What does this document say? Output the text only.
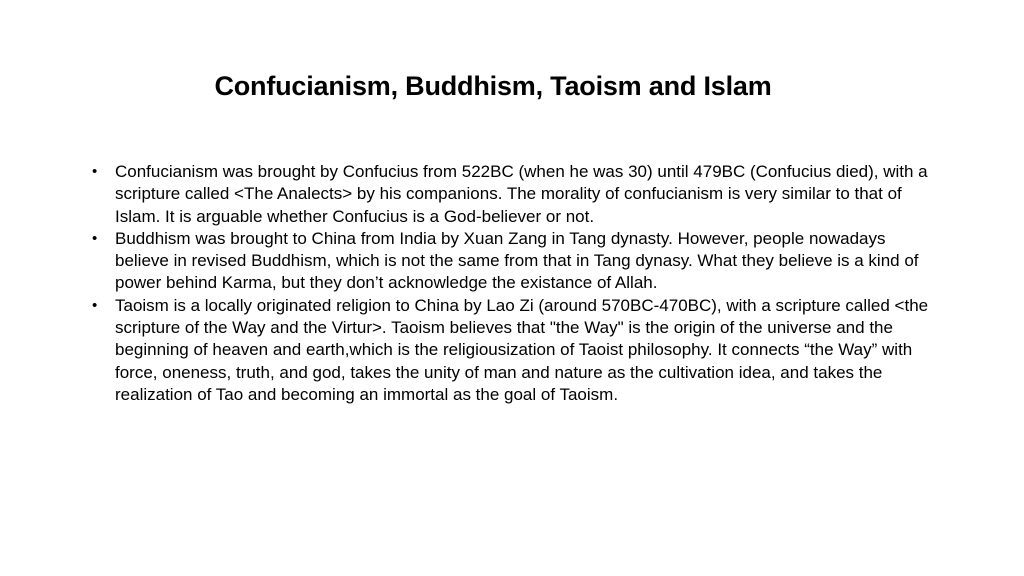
Confucianism, Buddhism, Taoism and Islam
• Confucianism was brought by Confucius from 522BC (when he was 30) until 479BC (Confucius died), with a scripture called <The Analects> by his companions. The morality of confucianism is very similar to that of Islam. It is arguable whether Confucius is a God-believer or not.
• Buddhism was brought to China from India by Xuan Zang in Tang dynasty. However, people nowadays believe in revised Buddhism, which is not the same from that in Tang dynasy. What they believe is a kind of power behind Karma, but they don’t acknowledge the existance of Allah.
• Taoism is a locally originated religion to China by Lao Zi (around 570BC-470BC), with a scripture called <the scripture of the Way and the Virtur>. Taoism believes that "the Way" is the origin of the universe and the beginning of heaven and earth,which is the religiousization of Taoist philosophy. It connects “the Way” with force, oneness, truth, and god, takes the unity of man and nature as the cultivation idea, and takes the realization of Tao and becoming an immortal as the goal of Taoism.
